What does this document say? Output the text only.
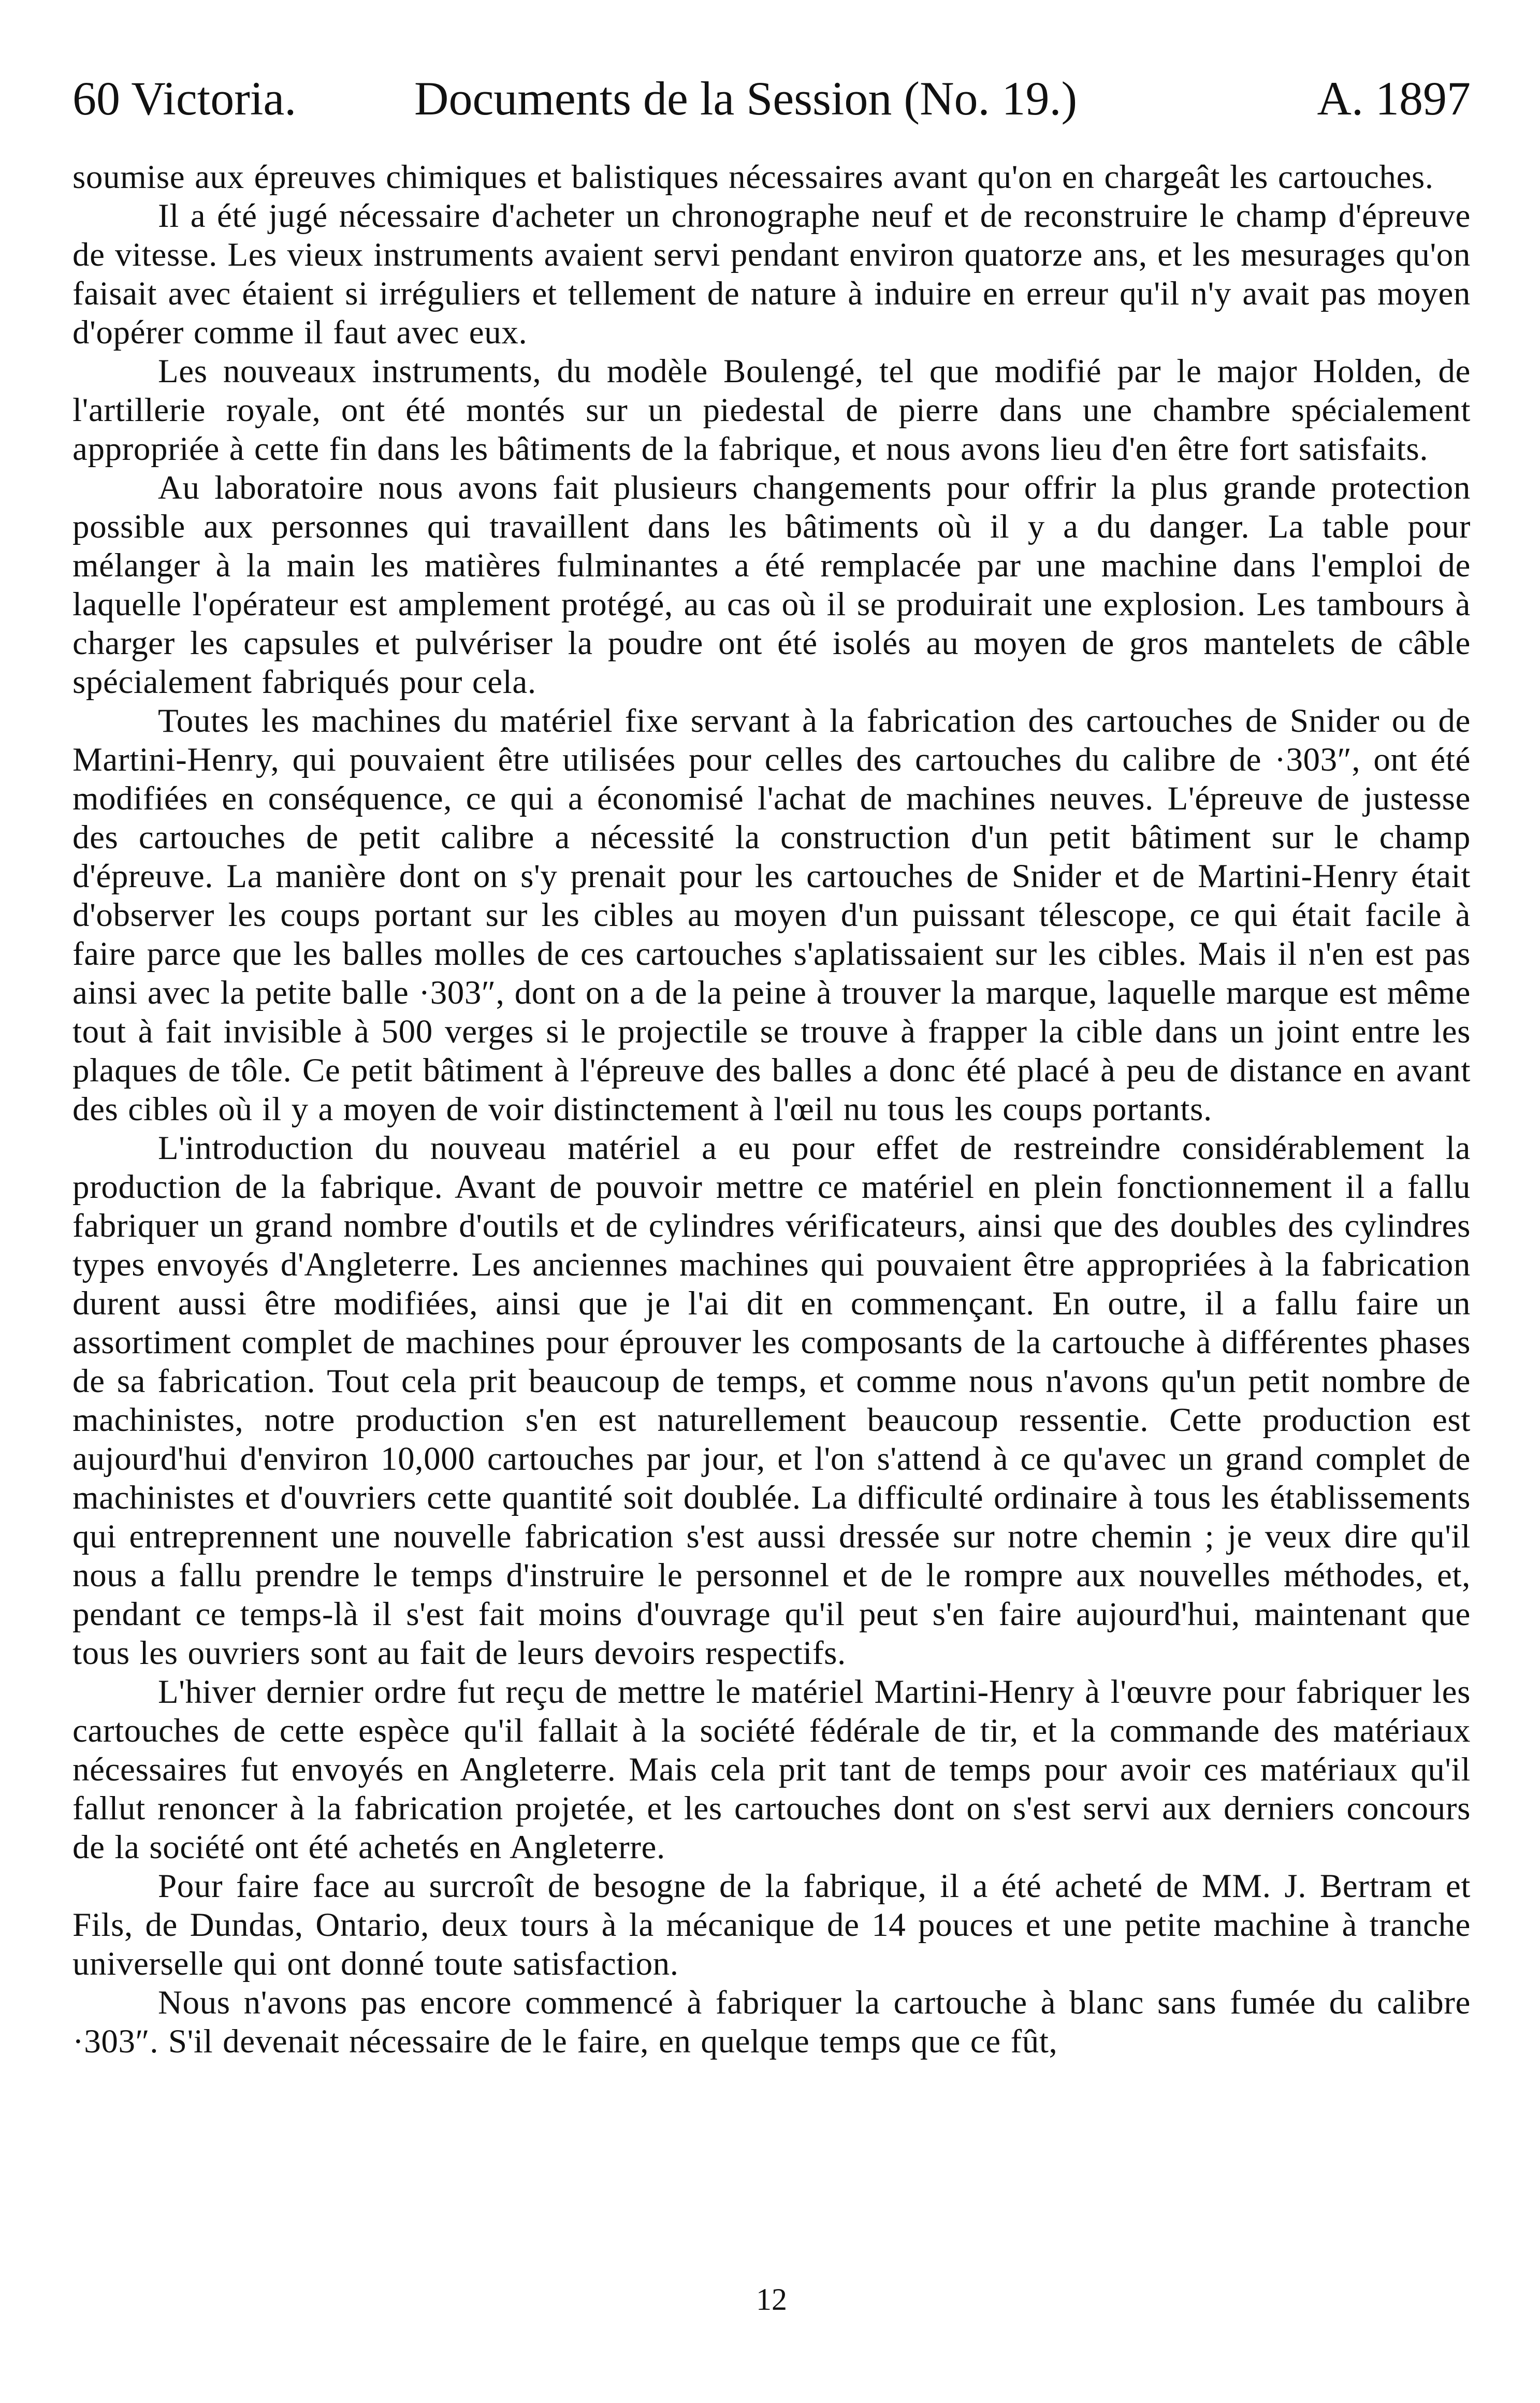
60 Victoria. Documents de la Session (No. 19.)	A. 1897

soumise aux épreuves chimiques et balistiques nécessaires avant qu'on en chargeât les cartouches.

Il a été jugé nécessaire d'acheter un chronographe neuf et de reconstruire le champ d'épreuve de vitesse. Les vieux instruments avaient servi pendant environ quatorze ans, et les mesurages qu'on faisait avec étaient si irréguliers et tellement de nature à induire en erreur qu'il n'y avait pas moyen d'opérer comme il faut avec eux.

Les nouveaux instruments, du modèle Boulengé, tel que modifié par le major Holden, de l'artillerie royale, ont été montés sur un piedestal de pierre dans une chambre spécialement appropriée à cette fin dans les bâtiments de la fabrique, et nous avons lieu d'en être fort satisfaits.

Au laboratoire nous avons fait plusieurs changements pour offrir la plus grande protection possible aux personnes qui travaillent dans les bâtiments où il y a du danger. La table pour mélanger à la main les matières fulminantes a été remplacée par une machine dans l'emploi de laquelle l'opérateur est amplement protégé, au cas où il se produirait une explosion. Les tambours à charger les capsules et pulvériser la poudre ont été isolés au moyen de gros mantelets de câble spécialement fabriqués pour cela.

Toutes les machines du matériel fixe servant à la fabrication des cartouches de Snider ou de Martini-Henry, qui pouvaient être utilisées pour celles des cartouches du calibre de ·303″, ont été modifiées en conséquence, ce qui a économisé l'achat de machines neuves. L'épreuve de justesse des cartouches de petit calibre a nécessité la construction d'un petit bâtiment sur le champ d'épreuve. La manière dont on s'y prenait pour les cartouches de Snider et de Martini-Henry était d'observer les coups portant sur les cibles au moyen d'un puissant télescope, ce qui était facile à faire parce que les balles molles de ces cartouches s'aplatissaient sur les cibles. Mais il n'en est pas ainsi avec la petite balle ·303″, dont on a de la peine à trouver la marque, laquelle marque est même tout à fait invisible à 500 verges si le projectile se trouve à frapper la cible dans un joint entre les plaques de tôle. Ce petit bâtiment à l'épreuve des balles a donc été placé à peu de distance en avant des cibles où il y a moyen de voir distinctement à l'œil nu tous les coups portants.

L'introduction du nouveau matériel a eu pour effet de restreindre considérablement la production de la fabrique. Avant de pouvoir mettre ce matériel en plein fonctionnement il a fallu fabriquer un grand nombre d'outils et de cylindres vérificateurs, ainsi que des doubles des cylindres types envoyés d'Angleterre. Les anciennes machines qui pouvaient être appropriées à la fabrication durent aussi être modifiées, ainsi que je l'ai dit en commençant. En outre, il a fallu faire un assortiment complet de machines pour éprouver les composants de la cartouche à différentes phases de sa fabrication. Tout cela prit beaucoup de temps, et comme nous n'avons qu'un petit nombre de machinistes, notre production s'en est naturellement beaucoup ressentie. Cette production est aujourd'hui d'environ 10,000 cartouches par jour, et l'on s'attend à ce qu'avec un grand complet de machinistes et d'ouvriers cette quantité soit doublée. La difficulté ordinaire à tous les établissements qui entreprennent une nouvelle fabrication s'est aussi dressée sur notre chemin ; je veux dire qu'il nous a fallu prendre le temps d'instruire le personnel et de le rompre aux nouvelles méthodes, et, pendant ce temps-là il s'est fait moins d'ouvrage qu'il peut s'en faire aujourd'hui, maintenant que tous les ouvriers sont au fait de leurs devoirs respectifs.

L'hiver dernier ordre fut reçu de mettre le matériel Martini-Henry à l'œuvre pour fabriquer les cartouches de cette espèce qu'il fallait à la société fédérale de tir, et la commande des matériaux nécessaires fut envoyés en Angleterre. Mais cela prit tant de temps pour avoir ces matériaux qu'il fallut renoncer à la fabrication projetée, et les cartouches dont on s'est servi aux derniers concours de la société ont été achetés en Angleterre.

Pour faire face au surcroît de besogne de la fabrique, il a été acheté de MM. J. Bertram et Fils, de Dundas, Ontario, deux tours à la mécanique de 14 pouces et une petite machine à tranche universelle qui ont donné toute satisfaction.

Nous n'avons pas encore commencé à fabriquer la cartouche à blanc sans fumée du calibre ·303″. S'il devenait nécessaire de le faire, en quelque temps que ce fût,

12
